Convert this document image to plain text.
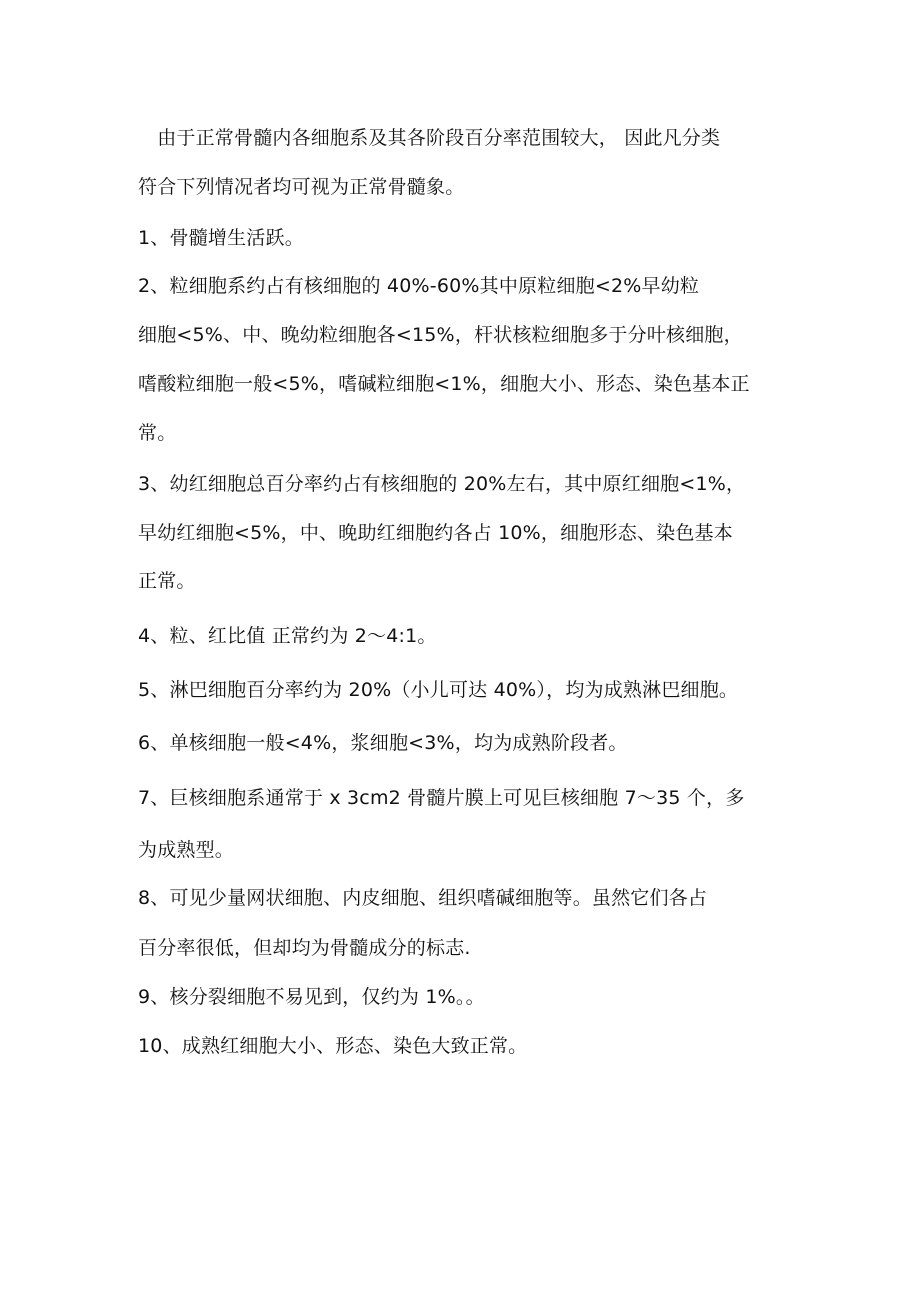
　由于正常骨髓内各细胞系及其各阶段百分率范围较大， 因此凡分类
符合下列情况者均可视为正常骨髓象。
1、骨髓增生活跃。
2、粒细胞系约占有核细胞的 40%-60%其中原粒细胞<2%早幼粒
细胞<5%、中、晚幼粒细胞各<15%，杆状核粒细胞多于分叶核细胞，
嗜酸粒细胞一般<5%，嗜碱粒细胞<1%，细胞大小、形态、染色基本正
常。
3、幼红细胞总百分率约占有核细胞的 20%左右，其中原红细胞<1%，
早幼红细胞<5%，中、晚助红细胞约各占 10%，细胞形态、染色基本
正常。
4、粒、红比值 正常约为 2〜4:1。
5、淋巴细胞百分率约为 20%（小儿可达 40%），均为成熟淋巴细胞。
6、单核细胞一般<4%，浆细胞<3%，均为成熟阶段者。
7、巨核细胞系通常于 x 3cm2 骨髓片膜上可见巨核细胞 7〜35 个，多
为成熟型。
8、可见少量网状细胞、内皮细胞、组织嗜碱细胞等。虽然它们各占
百分率很低，但却均为骨髓成分的标志.
9、核分裂细胞不易见到，仅约为 1%。。
10、成熟红细胞大小、形态、染色大致正常。
